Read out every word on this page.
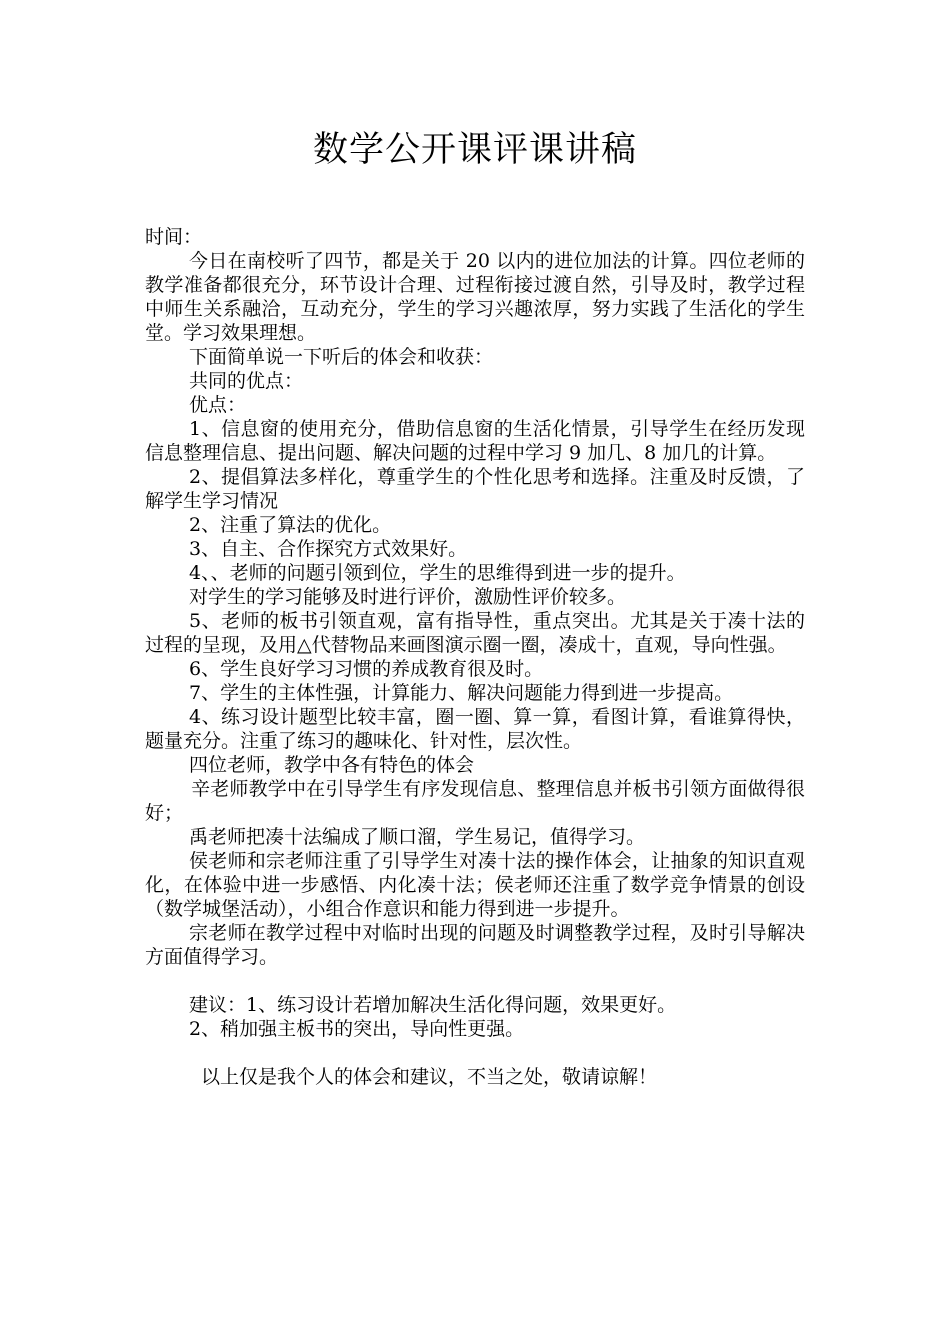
数学公开课评课讲稿

时间：

今日在南校听了四节，都是关于 20 以内的进位加法的计算。四位老师的教学准备都很充分，环节设计合理、过程衔接过渡自然，引导及时，教学过程中师生关系融洽，互动充分，学生的学习兴趣浓厚，努力实践了生活化的学生堂。学习效果理想。

下面简单说一下听后的体会和收获：

共同的优点：

优点：

1、信息窗的使用充分，借助信息窗的生活化情景，引导学生在经历发现信息整理信息、提出问题、解决问题的过程中学习 9 加几、8 加几的计算。

2、提倡算法多样化，尊重学生的个性化思考和选择。注重及时反馈，了解学生学习情况

2、注重了算法的优化。

3、自主、合作探究方式效果好。

4、、老师的问题引领到位，学生的思维得到进一步的提升。

对学生的学习能够及时进行评价，激励性评价较多。

5、老师的板书引领直观，富有指导性，重点突出。尤其是关于凑十法的过程的呈现，及用△代替物品来画图演示圈一圈，凑成十，直观，导向性强。

6、学生良好学习习惯的养成教育很及时。

7、学生的主体性强，计算能力、解决问题能力得到进一步提高。

4、练习设计题型比较丰富，圈一圈、算一算，看图计算，看谁算得快，题量充分。注重了练习的趣味化、针对性，层次性。

四位老师，教学中各有特色的体会

辛老师教学中在引导学生有序发现信息、整理信息并板书引领方面做得很好；

禹老师把凑十法编成了顺口溜，学生易记，值得学习。

侯老师和宗老师注重了引导学生对凑十法的操作体会，让抽象的知识直观化，在体验中进一步感悟、内化凑十法；侯老师还注重了数学竞争情景的创设（数学城堡活动），小组合作意识和能力得到进一步提升。

宗老师在教学过程中对临时出现的问题及时调整教学过程，及时引导解决方面值得学习。

建议：1、练习设计若增加解决生活化得问题，效果更好。

2、稍加强主板书的突出，导向性更强。

以上仅是我个人的体会和建议，不当之处，敬请谅解！
